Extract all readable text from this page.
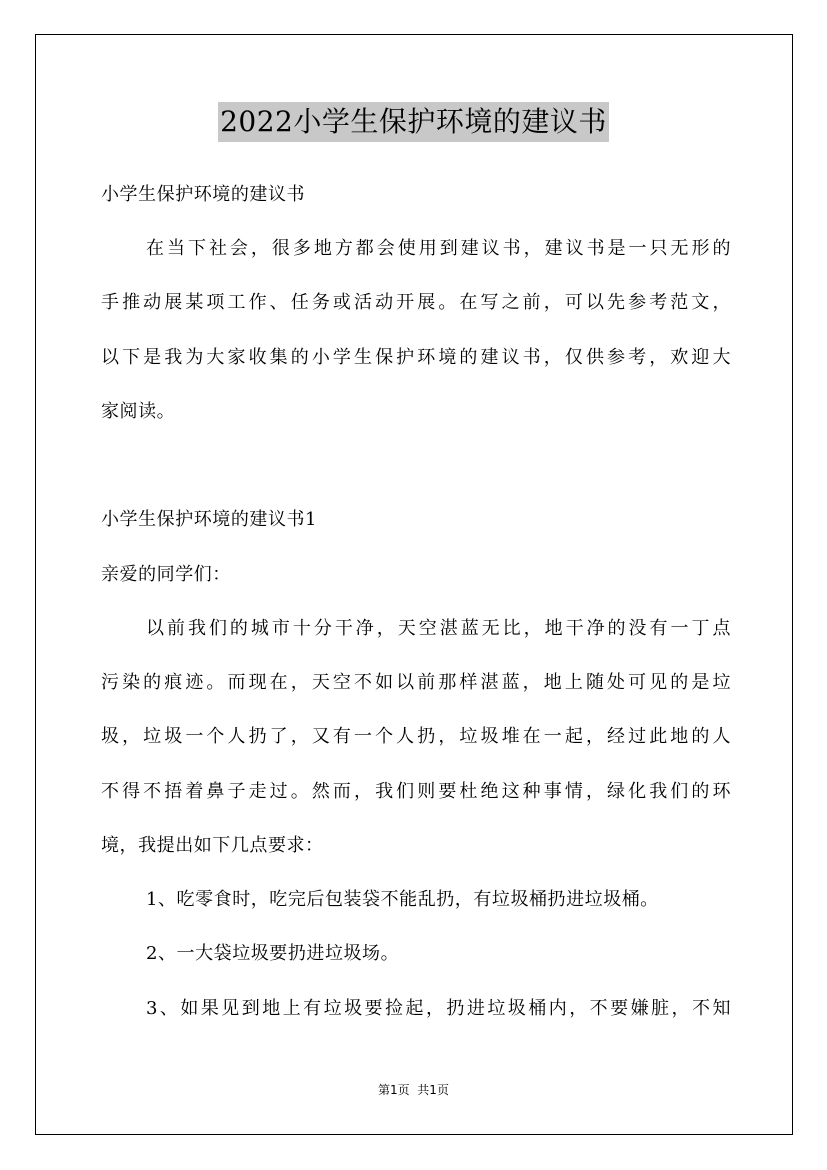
2022小学生保护环境的建议书
小学生保护环境的建议书
在当下社会，很多地方都会使用到建议书，建议书是一只无形的
手推动展某项工作、任务或活动开展。在写之前，可以先参考范文，
以下是我为大家收集的小学生保护环境的建议书，仅供参考，欢迎大
家阅读。
小学生保护环境的建议书1
亲爱的同学们：
以前我们的城市十分干净，天空湛蓝无比，地干净的没有一丁点
污染的痕迹。而现在，天空不如以前那样湛蓝，地上随处可见的是垃
圾，垃圾一个人扔了，又有一个人扔，垃圾堆在一起，经过此地的人
不得不捂着鼻子走过。然而，我们则要杜绝这种事情，绿化我们的环
境，我提出如下几点要求：
1、吃零食时，吃完后包装袋不能乱扔，有垃圾桶扔进垃圾桶。
2、一大袋垃圾要扔进垃圾场。
3、如果见到地上有垃圾要捡起，扔进垃圾桶内，不要嫌脏，不知
第1页  共1页
